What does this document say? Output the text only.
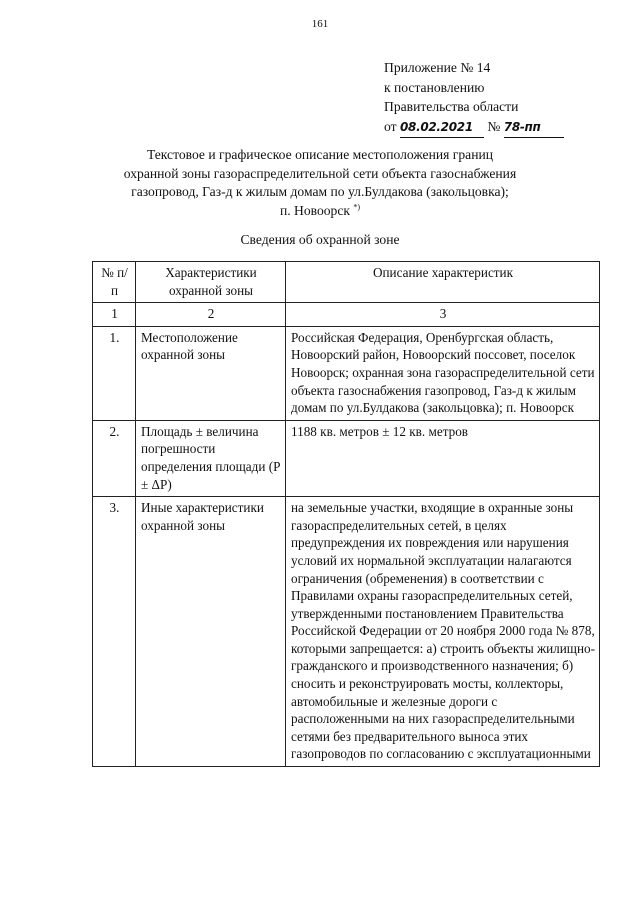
161
Приложение № 14
к постановлению
Правительства области
от 08.02.2021 № 78-пп
Текстовое и графическое описание местоположения границ
охранной зоны газораспределительной сети объекта газоснабжения
газопровод, Газ-д к жилым домам по ул.Булдакова (закольцовка);
п. Новоорск *)
Сведения об охранной зоне
№ п/п	Характеристики охранной зоны	Описание характеристик
1	2	3
1.	Местоположение охранной зоны	Российская Федерация, Оренбургская область, Новоорский район, Новоорский поссовет, поселок Новоорск; охранная зона газораспределительной сети объекта газоснабжения газопровод, Газ-д к жилым домам по ул.Булдакова (закольцовка); п. Новоорск
2.	Площадь ± величина погрешности определения площади (P ± ΔP)	1188 кв. метров ± 12 кв. метров
3.	Иные характеристики охранной зоны	на земельные участки, входящие в охранные зоны газораспределительных сетей, в целях предупреждения их повреждения или нарушения условий их нормальной эксплуатации налагаются ограничения (обременения) в соответствии с Правилами охраны газораспределительных сетей, утвержденными постановлением Правительства Российской Федерации от 20 ноября 2000 года № 878, которыми запрещается: а) строить объекты жилищно-гражданского и производственного назначения; б) сносить и реконструировать мосты, коллекторы, автомобильные и железные дороги с расположенными на них газораспределительными сетями без предварительного выноса этих газопроводов по согласованию с эксплуатационными
